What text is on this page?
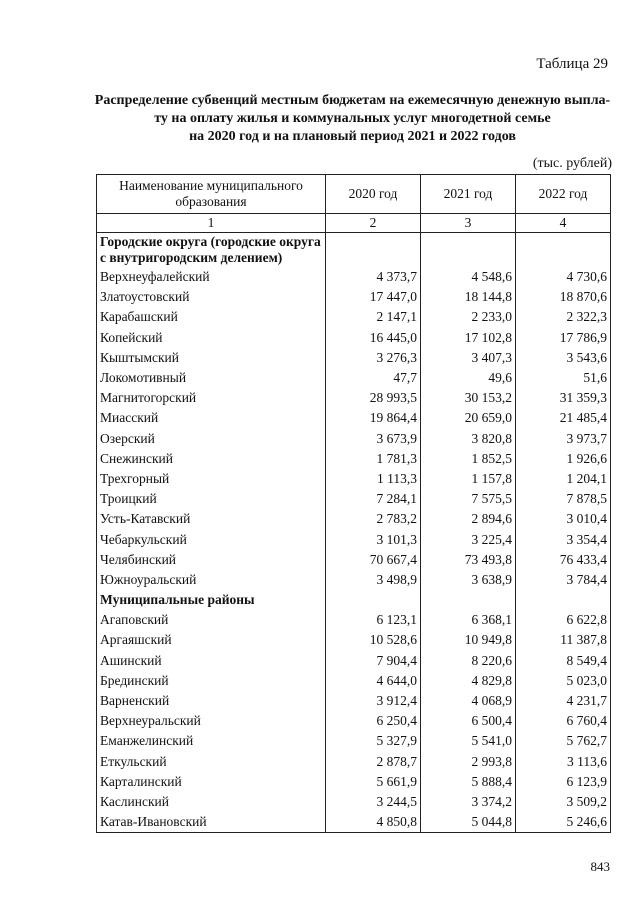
Таблица 29
Распределение субвенций местным бюджетам на ежемесячную денежную выпла-
ту на оплату жилья и коммунальных услуг многодетной семье
на 2020 год и на плановый период 2021 и 2022 годов
(тыс. рублей)
Наименование муниципального образования	2020 год	2021 год	2022 год
1	2	3	4
Городские округа (городские округа с внутригородским делением)			
Верхнеуфалейский	4 373,7	4 548,6	4 730,6
Златоустовский	17 447,0	18 144,8	18 870,6
Карабашский	2 147,1	2 233,0	2 322,3
Копейский	16 445,0	17 102,8	17 786,9
Кыштымский	3 276,3	3 407,3	3 543,6
Локомотивный	47,7	49,6	51,6
Магнитогорский	28 993,5	30 153,2	31 359,3
Миасский	19 864,4	20 659,0	21 485,4
Озерский	3 673,9	3 820,8	3 973,7
Снежинский	1 781,3	1 852,5	1 926,6
Трехгорный	1 113,3	1 157,8	1 204,1
Троицкий	7 284,1	7 575,5	7 878,5
Усть-Катавский	2 783,2	2 894,6	3 010,4
Чебаркульский	3 101,3	3 225,4	3 354,4
Челябинский	70 667,4	73 493,8	76 433,4
Южноуральский	3 498,9	3 638,9	3 784,4
Муниципальные районы			
Агаповский	6 123,1	6 368,1	6 622,8
Аргаяшский	10 528,6	10 949,8	11 387,8
Ашинский	7 904,4	8 220,6	8 549,4
Брединский	4 644,0	4 829,8	5 023,0
Варненский	3 912,4	4 068,9	4 231,7
Верхнеуральский	6 250,4	6 500,4	6 760,4
Еманжелинский	5 327,9	5 541,0	5 762,7
Еткульский	2 878,7	2 993,8	3 113,6
Карталинский	5 661,9	5 888,4	6 123,9
Каслинский	3 244,5	3 374,2	3 509,2
Катав-Ивановский	4 850,8	5 044,8	5 246,6
843
